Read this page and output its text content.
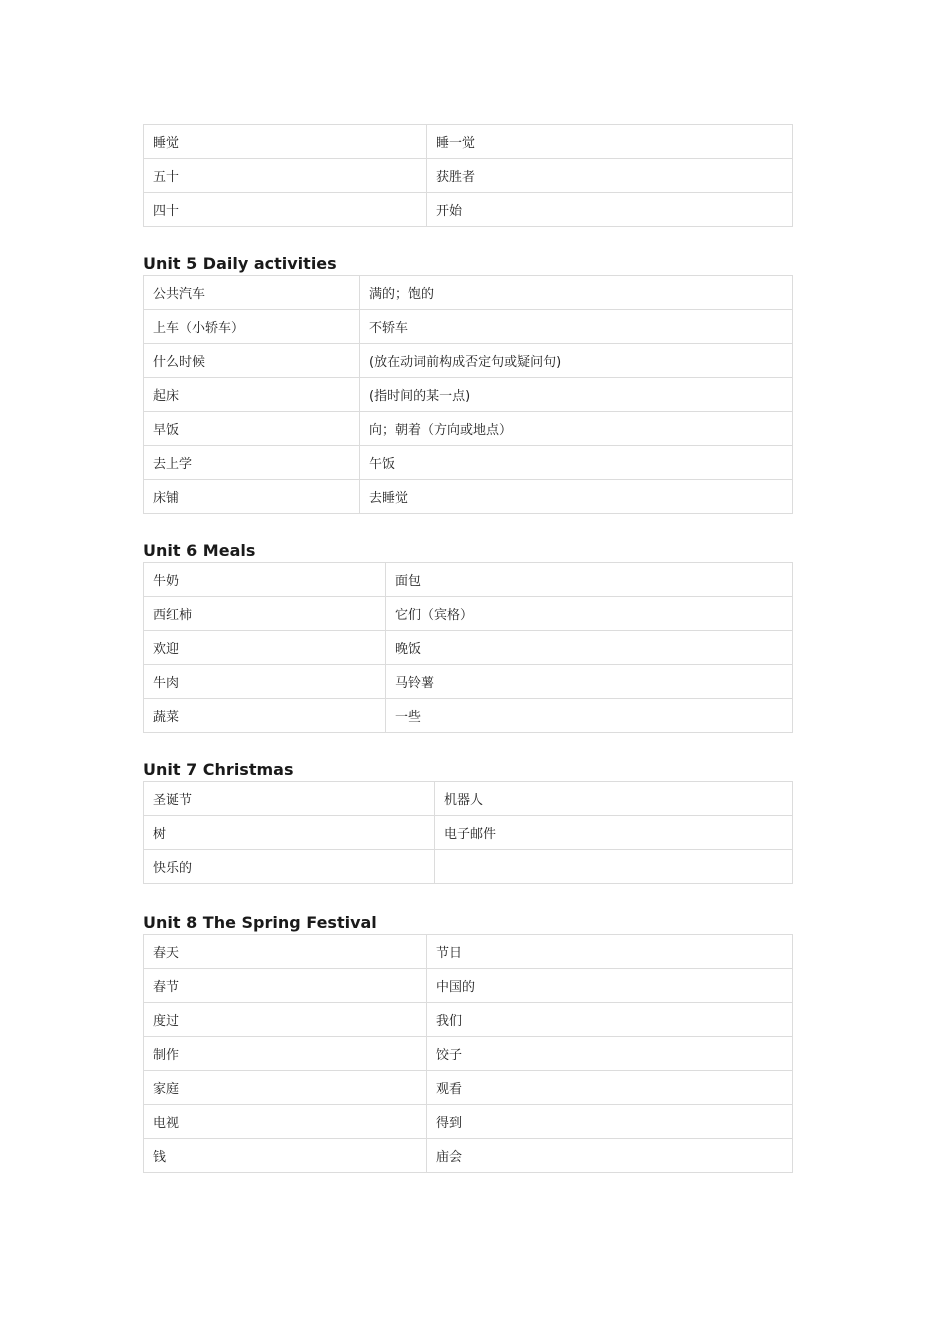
睡觉	睡一觉
五十	获胜者
四十	开始
Unit 5 Daily activities
公共汽车	满的；饱的
上车（小轿车）	不轿车
什么时候	(放在动词前构成否定句或疑问句)
起床	(指时间的某一点)
早饭	向；朝着（方向或地点）
去上学	午饭
床铺	去睡觉
Unit 6 Meals
牛奶	面包
西红柿	它们（宾格）
欢迎	晚饭
牛肉	马铃薯
蔬菜	一些
Unit 7 Christmas
圣诞节	机器人
树	电子邮件
快乐的	
Unit 8 The Spring Festival
春天	节日
春节	中国的
度过	我们
制作	饺子
家庭	观看
电视	得到
钱	庙会
